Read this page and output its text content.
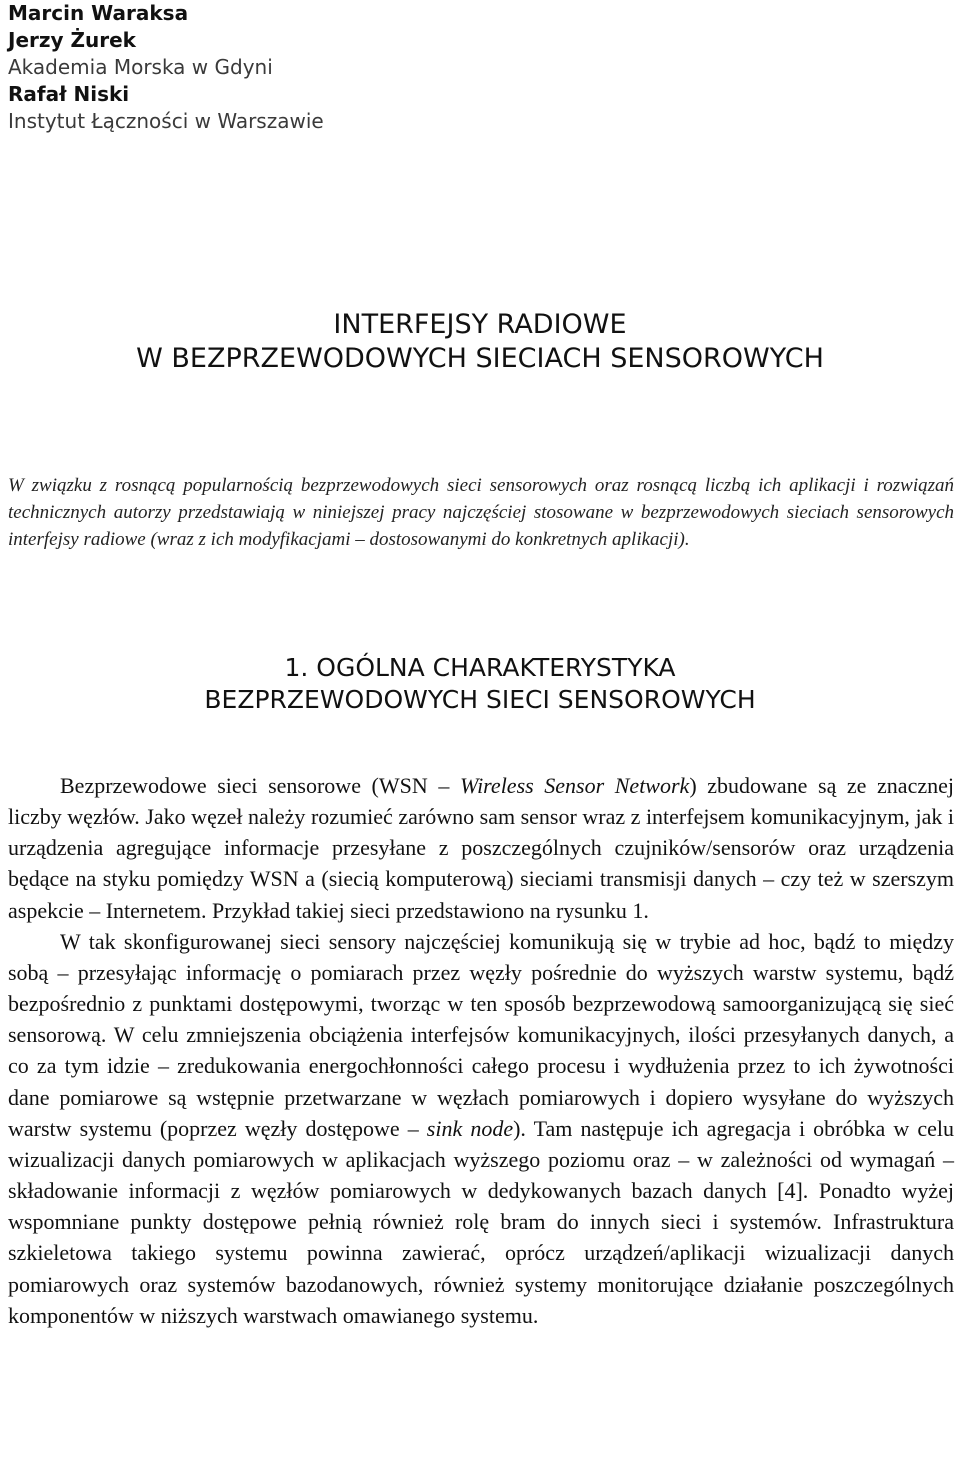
Marcin Waraksa
Jerzy Żurek
Akademia Morska w Gdyni
Rafał Niski
Instytut Łączności w Warszawie
INTERFEJSY RADIOWE
W BEZPRZEWODOWYCH SIECIACH SENSOROWYCH
W związku z rosnącą popularnością bezprzewodowych sieci sensorowych oraz rosnącą liczbą ich aplikacji i rozwiązań technicznych autorzy przedstawiają w niniejszej pracy najczęściej stosowane w bezprzewodowych sieciach sensorowych interfejsy radiowe (wraz z ich modyfikacjami – dostosowanymi do konkretnych aplikacji).
1. OGÓLNA CHARAKTERYSTYKA
BEZPRZEWODOWYCH SIECI SENSOROWYCH

Bezprzewodowe sieci sensorowe (WSN – Wireless Sensor Network) zbudowane są ze znacznej liczby węzłów. Jako węzeł należy rozumieć zarówno sam sensor wraz z interfejsem komunikacyjnym, jak i urządzenia agregujące informacje przesyłane z poszczególnych czujników/sensorów oraz urządzenia będące na styku pomiędzy WSN a (siecią komputerową) sieciami transmisji danych – czy też w szerszym aspekcie – Internetem. Przykład takiej sieci przedstawiono na rysunku 1.

W tak skonfigurowanej sieci sensory najczęściej komunikują się w trybie ad hoc, bądź to między sobą – przesyłając informację o pomiarach przez węzły pośrednie do wyższych warstw systemu, bądź bezpośrednio z punktami dostępowymi, tworząc w ten sposób bezprzewodową samoorganizującą się sieć sensorową. W celu zmniejszenia obciążenia interfejsów komunikacyjnych, ilości przesyłanych danych, a co za tym idzie – zredukowania energochłonności całego procesu i wydłużenia przez to ich żywotności dane pomiarowe są wstępnie przetwarzane w węzłach pomiarowych i dopiero wysyłane do wyższych warstw systemu (poprzez węzły dostępowe – sink node). Tam następuje ich agregacja i obróbka w celu wizualizacji danych pomiarowych w aplikacjach wyższego poziomu oraz – w zależności od wymagań – składowanie informacji z węzłów pomiarowych w dedykowanych bazach danych [4]. Ponadto wyżej wspomniane punkty dostępowe pełnią również rolę bram do innych sieci i systemów. Infrastruktura szkieletowa takiego systemu powinna zawierać, oprócz urządzeń/aplikacji wizualizacji danych pomiarowych oraz systemów bazodanowych, również systemy monitorujące działanie poszczególnych komponentów w niższych warstwach omawianego systemu.
